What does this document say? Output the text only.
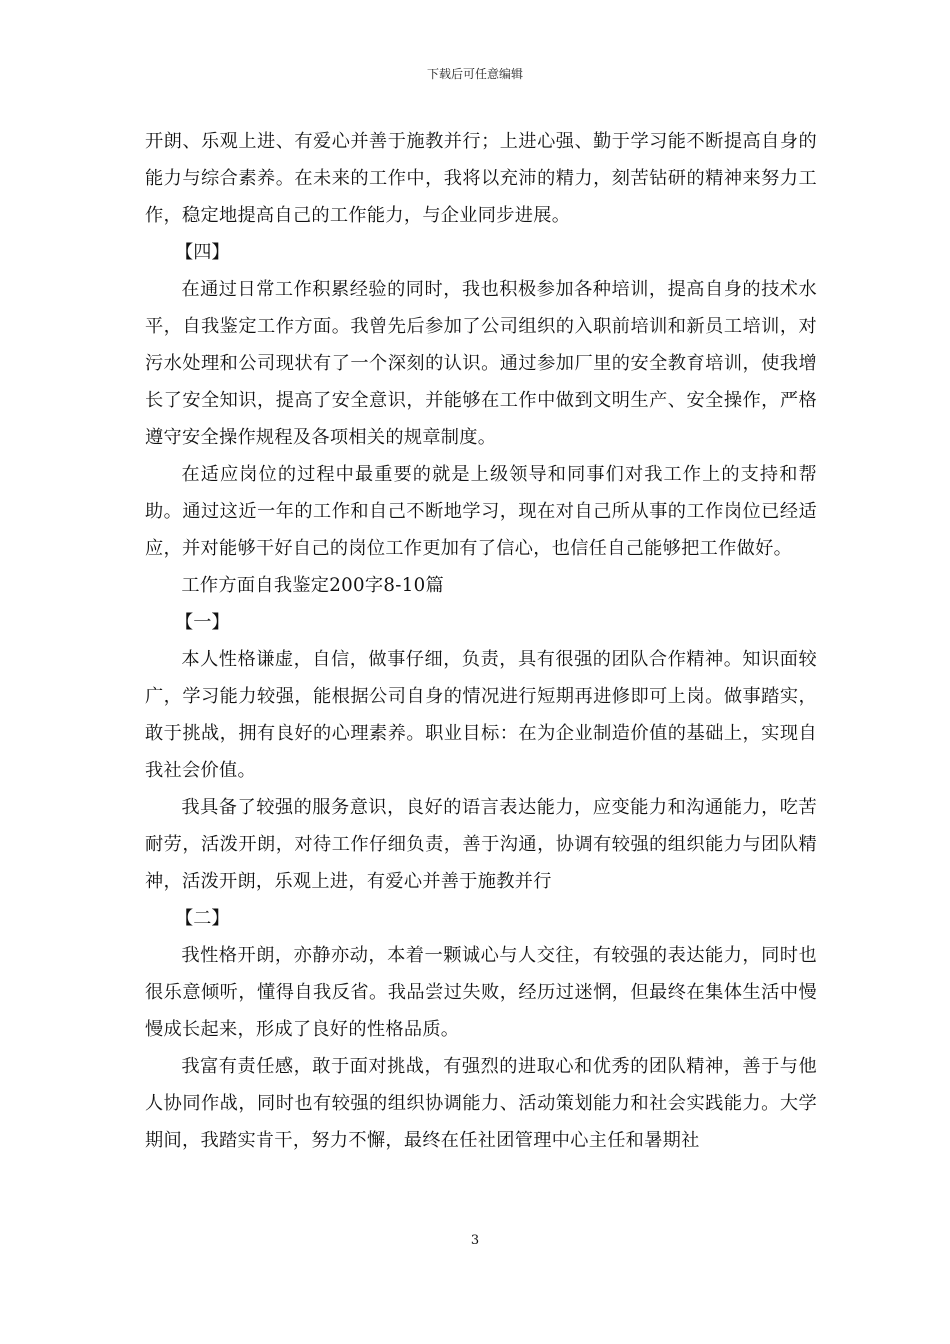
下载后可任意编辑

开朗、乐观上进、有爱心并善于施教并行；上进心强、勤于学习能不断提高自身的能力与综合素养。在未来的工作中，我将以充沛的精力，刻苦钻研的精神来努力工作，稳定地提高自己的工作能力，与企业同步进展。

【四】

在通过日常工作积累经验的同时，我也积极参加各种培训，提高自身的技术水平，自我鉴定工作方面。我曾先后参加了公司组织的入职前培训和新员工培训，对污水处理和公司现状有了一个深刻的认识。通过参加厂里的安全教育培训，使我增长了安全知识，提高了安全意识，并能够在工作中做到文明生产、安全操作，严格遵守安全操作规程及各项相关的规章制度。

在适应岗位的过程中最重要的就是上级领导和同事们对我工作上的支持和帮助。通过这近一年的工作和自己不断地学习，现在对自己所从事的工作岗位已经适应，并对能够干好自己的岗位工作更加有了信心，也信任自己能够把工作做好。

工作方面自我鉴定200字8-10篇

【一】

本人性格谦虚，自信，做事仔细，负责，具有很强的团队合作精神。知识面较广，学习能力较强，能根据公司自身的情况进行短期再进修即可上岗。做事踏实，敢于挑战，拥有良好的心理素养。职业目标：在为企业制造价值的基础上，实现自我社会价值。

我具备了较强的服务意识，良好的语言表达能力，应变能力和沟通能力，吃苦耐劳，活泼开朗，对待工作仔细负责，善于沟通，协调有较强的组织能力与团队精神，活泼开朗，乐观上进，有爱心并善于施教并行

【二】

我性格开朗，亦静亦动，本着一颗诚心与人交往，有较强的表达能力，同时也很乐意倾听，懂得自我反省。我品尝过失败，经历过迷惘，但最终在集体生活中慢慢成长起来，形成了良好的性格品质。

我富有责任感，敢于面对挑战，有强烈的进取心和优秀的团队精神，善于与他人协同作战，同时也有较强的组织协调能力、活动策划能力和社会实践能力。大学期间，我踏实肯干，努力不懈，最终在任社团管理中心主任和暑期社

3
